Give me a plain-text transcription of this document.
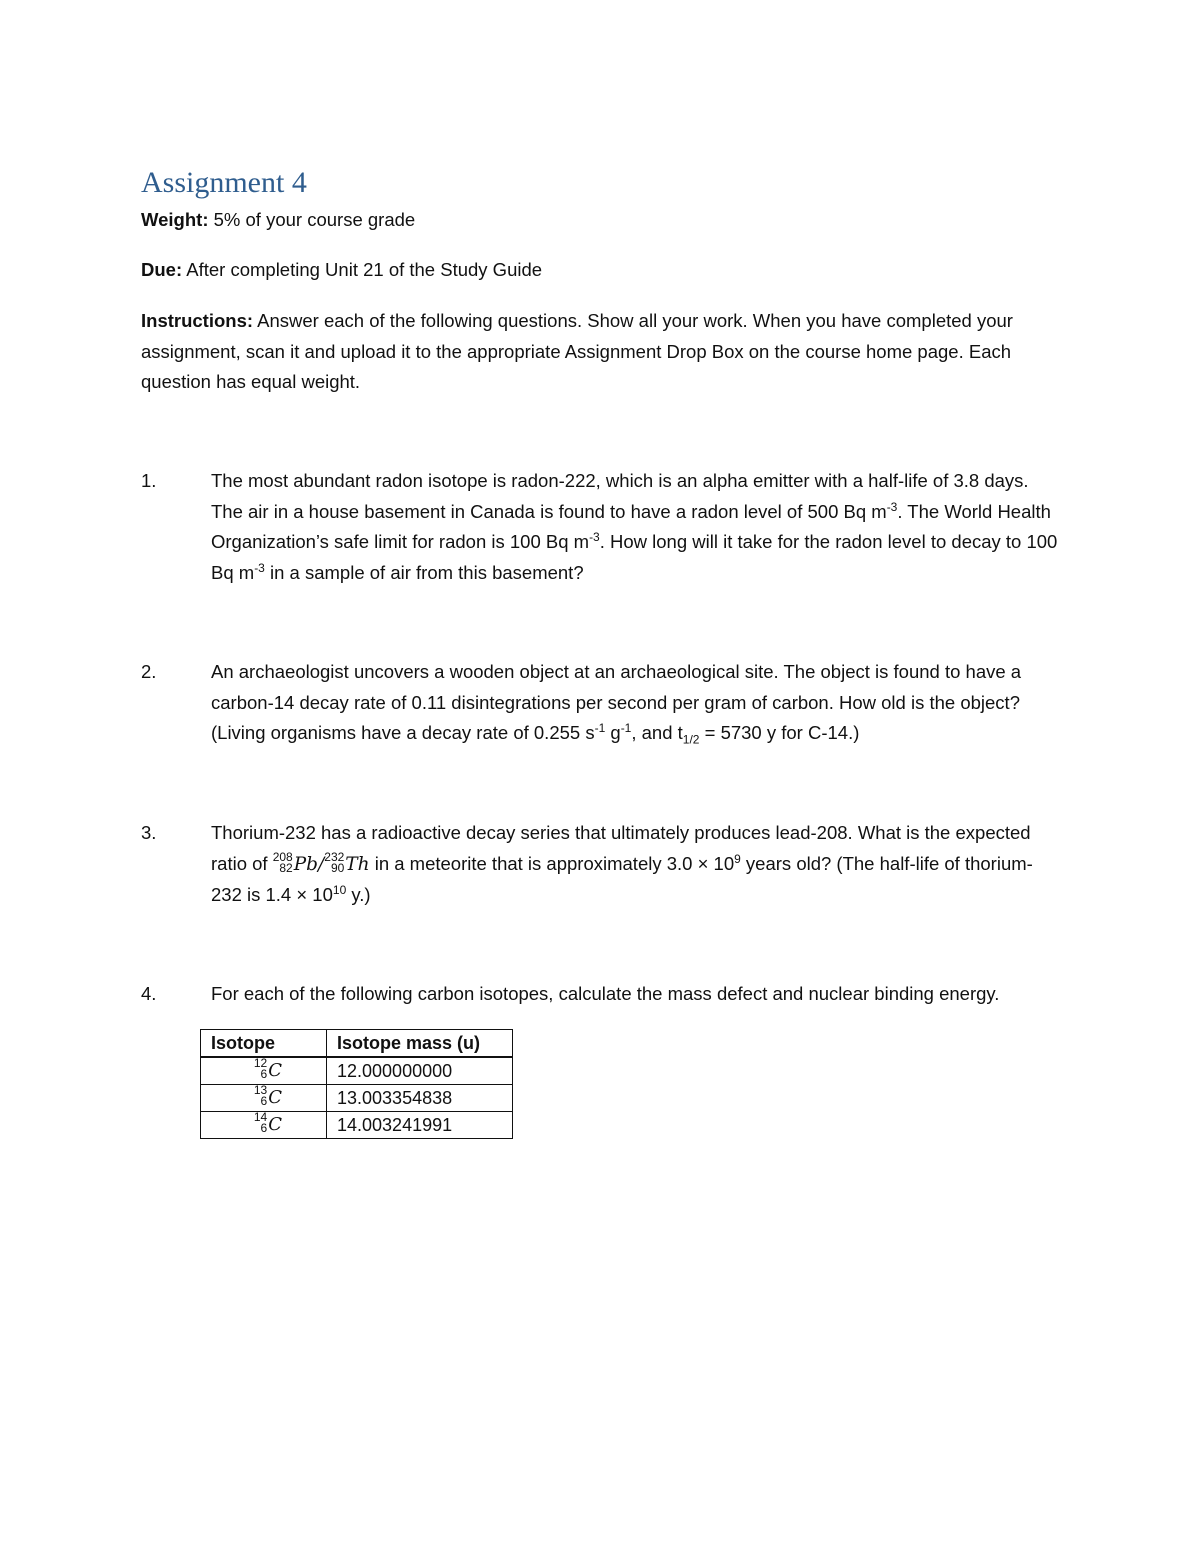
Assignment 4
Weight: 5% of your course grade
Due: After completing Unit 21 of the Study Guide
Instructions: Answer each of the following questions. Show all your work. When you have completed your assignment, scan it and upload it to the appropriate Assignment Drop Box on the course home page. Each question has equal weight.
1.	The most abundant radon isotope is radon-222, which is an alpha emitter with a half-life of 3.8 days. The air in a house basement in Canada is found to have a radon level of 500 Bq $m^{-3}$. The World Health Organization’s safe limit for radon is 100 Bq $m^{-3}$. How long will it take for the radon level to decay to 100 Bq $m^{-3}$ in a sample of air from this basement?
2.	An archaeologist uncovers a wooden object at an archaeological site. The object is found to have a carbon-14 decay rate of 0.11 disintegrations per second per gram of carbon. How old is the object? (Living organisms have a decay rate of 0.255 $s^{-1}$ $g^{-1}$, and $t_{1/2} = 5730$ y for C-14.)
3.	Thorium-232 has a radioactive decay series that ultimately produces lead-208. What is the expected ratio of 208
82 Pb/ 232
90 Th in a meteorite that is approximately $3.0 \times 10^9$ years old? (The half-life of thorium-232 is $1.4 \times 10^{10}$ y.)
4.	For each of the following carbon isotopes, calculate the mass defect and nuclear binding energy.
Isotope	Isotope mass (u)

12
6 C	12.000000000

13
6 C	13.003354838

14
6 C	14.003241991
